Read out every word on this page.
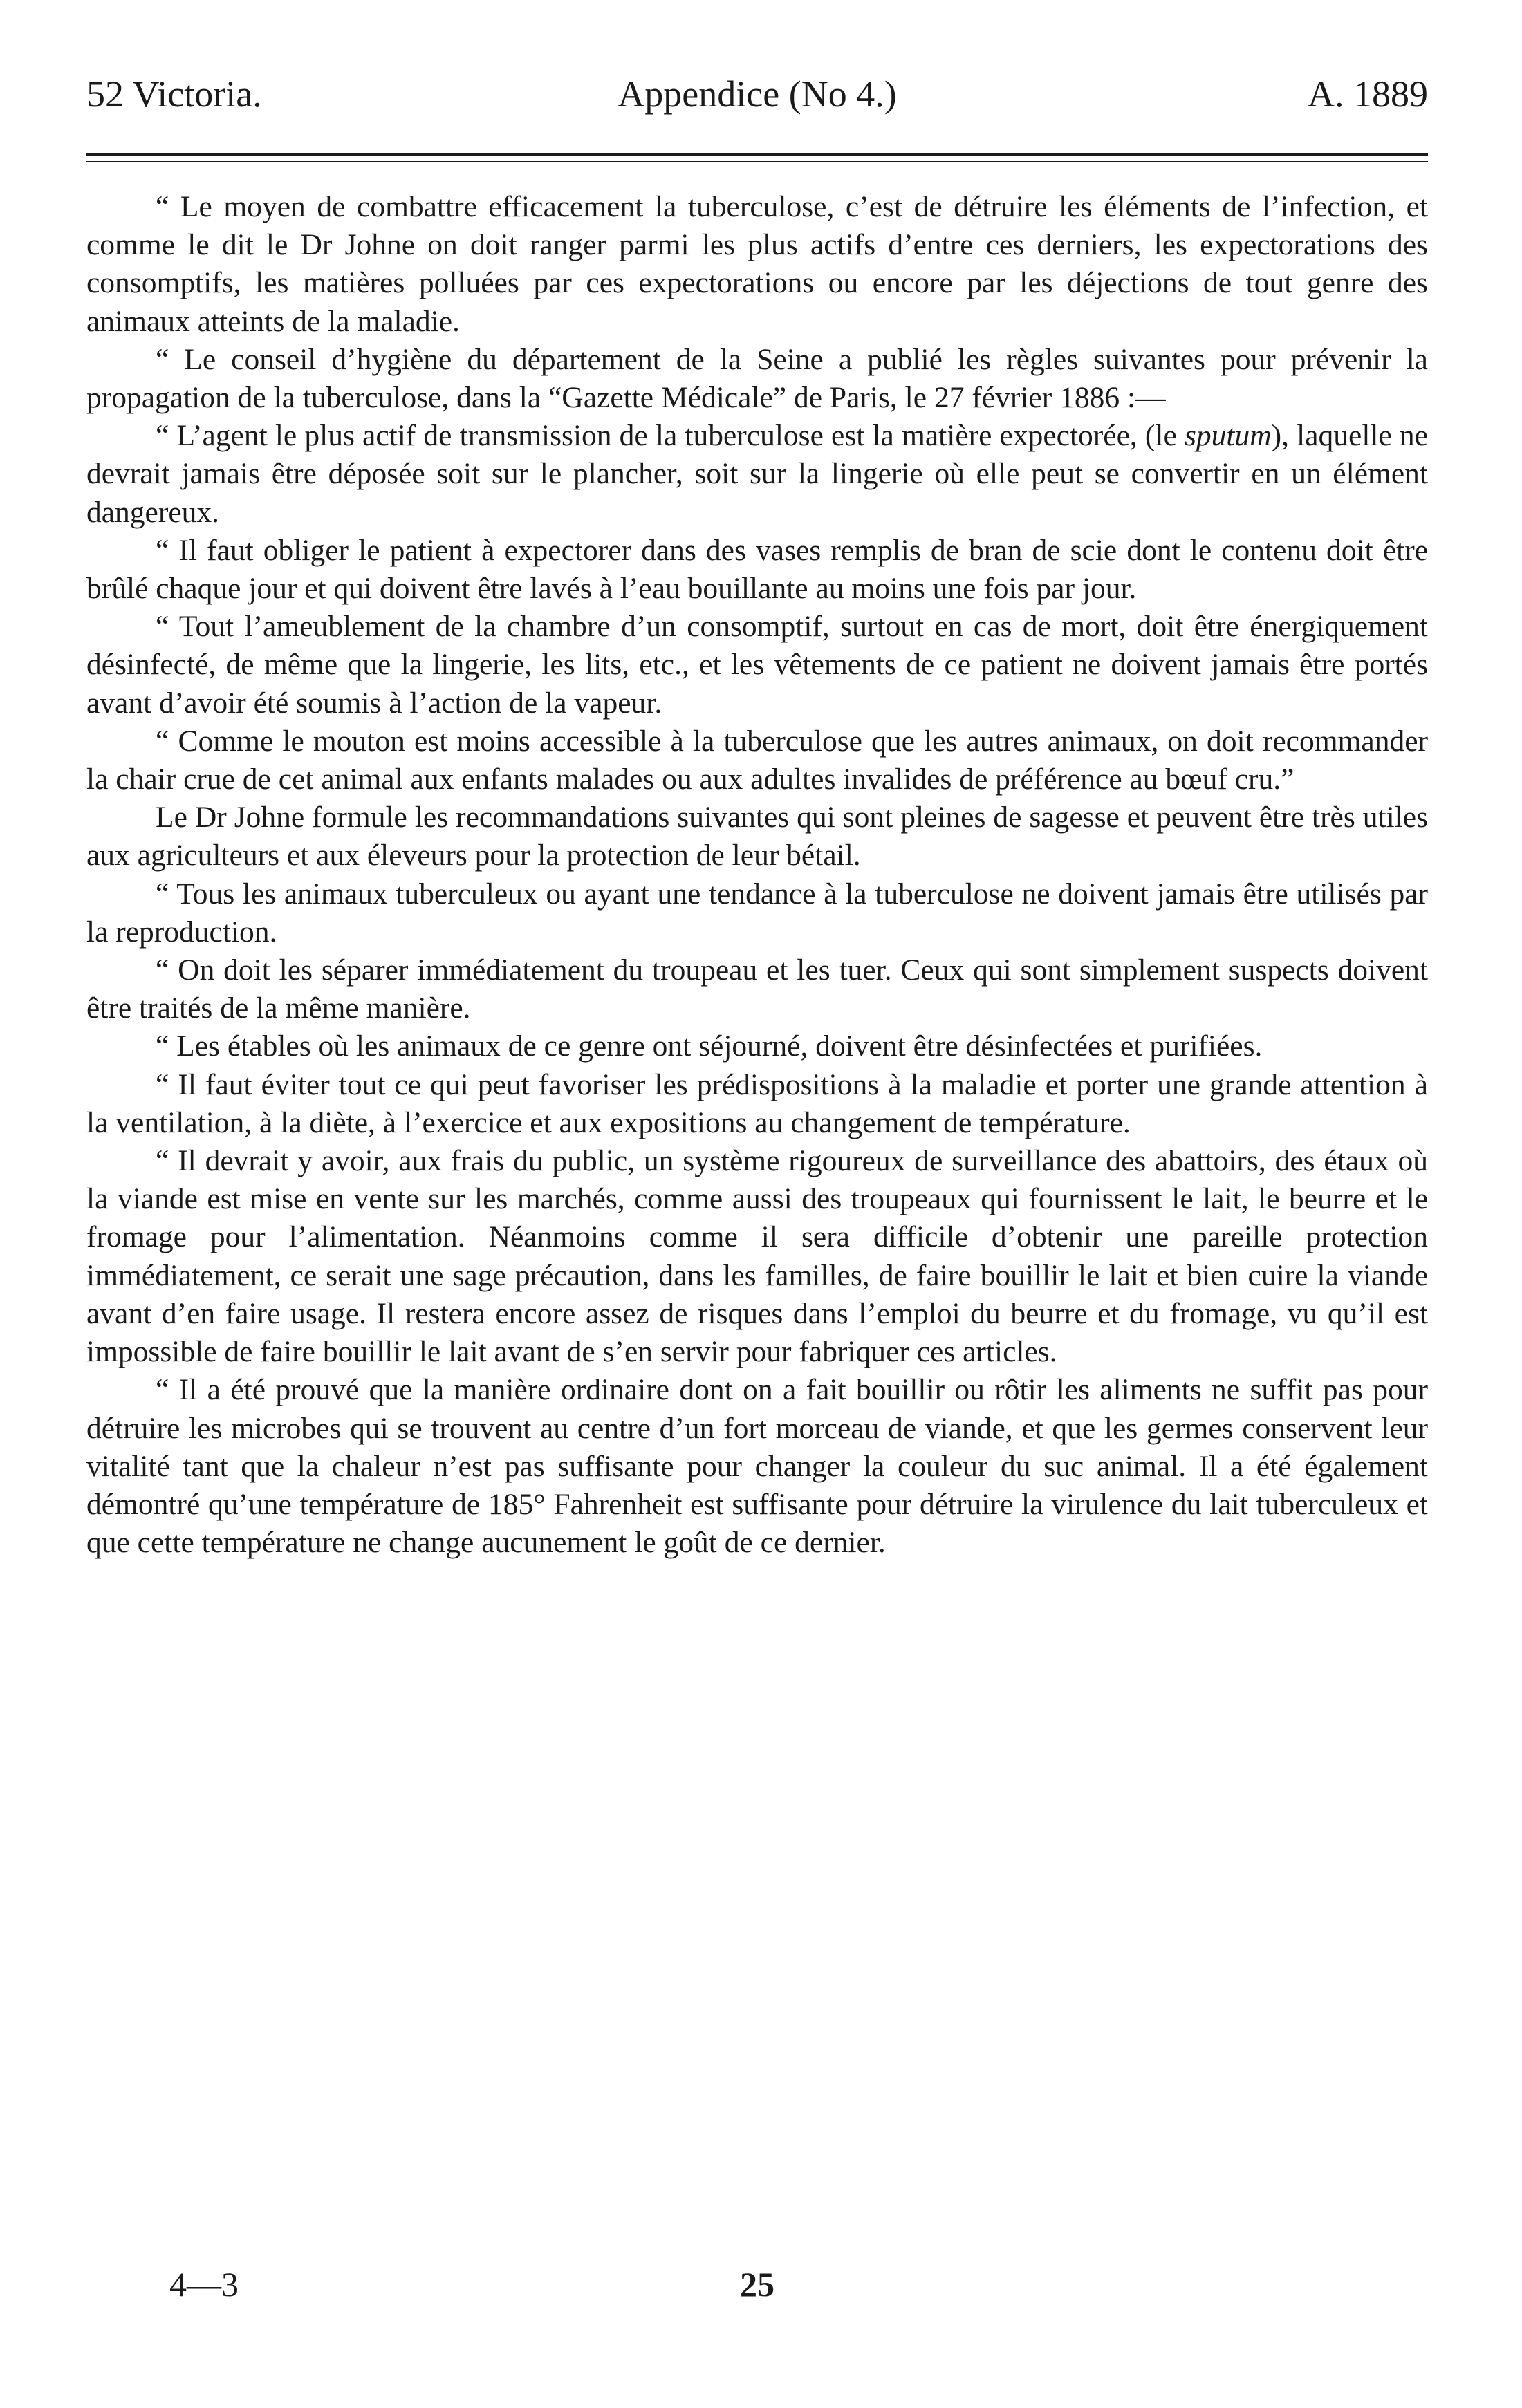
52 Victoria.	Appendice (No 4.)	A. 1889

“ Le moyen de combattre efficacement la tuberculose, c’est de détruire les éléments de l’infection, et comme le dit le Dr Johne on doit ranger parmi les plus actifs d’entre ces derniers, les expectorations des consomptifs, les matières polluées par ces expectorations ou encore par les déjections de tout genre des animaux atteints de la maladie.

“ Le conseil d’hygiène du département de la Seine a publié les règles suivantes pour prévenir la propagation de la tuberculose, dans la “Gazette Médicale” de Paris, le 27 février 1886 :—

“ L’agent le plus actif de transmission de la tuberculose est la matière expectorée, (le sputum), laquelle ne devrait jamais être déposée soit sur le plancher, soit sur la lingerie où elle peut se convertir en un élément dangereux.

“ Il faut obliger le patient à expectorer dans des vases remplis de bran de scie dont le contenu doit être brûlé chaque jour et qui doivent être lavés à l’eau bouillante au moins une fois par jour.

“ Tout l’ameublement de la chambre d’un consomptif, surtout en cas de mort, doit être énergiquement désinfecté, de même que la lingerie, les lits, etc., et les vêtements de ce patient ne doivent jamais être portés avant d’avoir été soumis à l’action de la vapeur.

“ Comme le mouton est moins accessible à la tuberculose que les autres animaux, on doit recommander la chair crue de cet animal aux enfants malades ou aux adultes invalides de préférence au bœuf cru.”

Le Dr Johne formule les recommandations suivantes qui sont pleines de sagesse et peuvent être très utiles aux agriculteurs et aux éleveurs pour la protection de leur bétail.

“ Tous les animaux tuberculeux ou ayant une tendance à la tuberculose ne doivent jamais être utilisés par la reproduction.

“ On doit les séparer immédiatement du troupeau et les tuer. Ceux qui sont simplement suspects doivent être traités de la même manière.

“ Les étables où les animaux de ce genre ont séjourné, doivent être désinfectées et purifiées.

“ Il faut éviter tout ce qui peut favoriser les prédispositions à la maladie et porter une grande attention à la ventilation, à la diète, à l’exercice et aux expositions au changement de température.

“ Il devrait y avoir, aux frais du public, un système rigoureux de surveillance des abattoirs, des étaux où la viande est mise en vente sur les marchés, comme aussi des troupeaux qui fournissent le lait, le beurre et le fromage pour l’alimentation. Néanmoins comme il sera difficile d’obtenir une pareille protection immédiatement, ce serait une sage précaution, dans les familles, de faire bouillir le lait et bien cuire la viande avant d’en faire usage. Il restera encore assez de risques dans l’emploi du beurre et du fromage, vu qu’il est impossible de faire bouillir le lait avant de s’en servir pour fabriquer ces articles.

“ Il a été prouvé que la manière ordinaire dont on a fait bouillir ou rôtir les aliments ne suffit pas pour détruire les microbes qui se trouvent au centre d’un fort morceau de viande, et que les germes conservent leur vitalité tant que la chaleur n’est pas suffisante pour changer la couleur du suc animal. Il a été également démontré qu’une température de 185° Fahrenheit est suffisante pour détruire la virulence du lait tuberculeux et que cette température ne change aucunement le goût de ce dernier.

4—3	25
